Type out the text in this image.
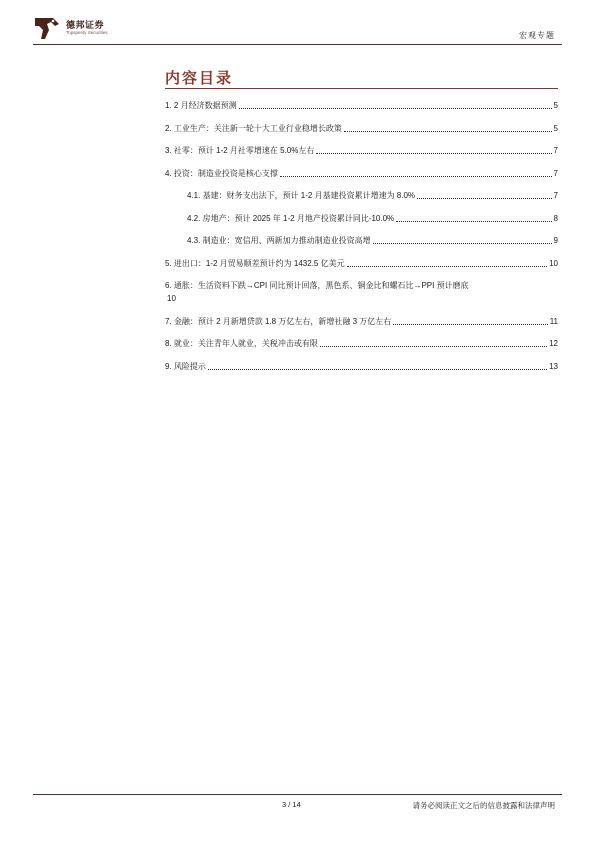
德邦证券
Topsperity Securities	宏观专题
内容目录
1. 2 月经济数据预测	5
2. 工业生产：关注新一轮十大工业行业稳增长政策	5
3. 社零：预计 1-2 月社零增速在 5.0%左右	7
4. 投资：制造业投资是核心支撑	7
4.1. 基建：财务支出法下，预计 1-2 月基建投资累计增速为 8.0%	7
4.2. 房地产：预计 2025 年 1-2 月地产投资累计同比-10.0%	8
4.3. 制造业：宽信用、两新加力推动制造业投资高增	9
5. 进出口：1-2 月贸易顺差预计约为 1432.5 亿美元	10
6. 通胀：生活资料下跌→CPI 同比预计回落，黑色系、铜金比和螺石比→PPI 预计磨底
10
7. 金融：预计 2 月新增贷款 1.8 万亿左右，新增社融 3 万亿左右	11
8. 就业：关注青年人就业，关税冲击或有限	12
9. 风险提示	13
3 / 14	请务必阅读正文之后的信息披露和法律声明
